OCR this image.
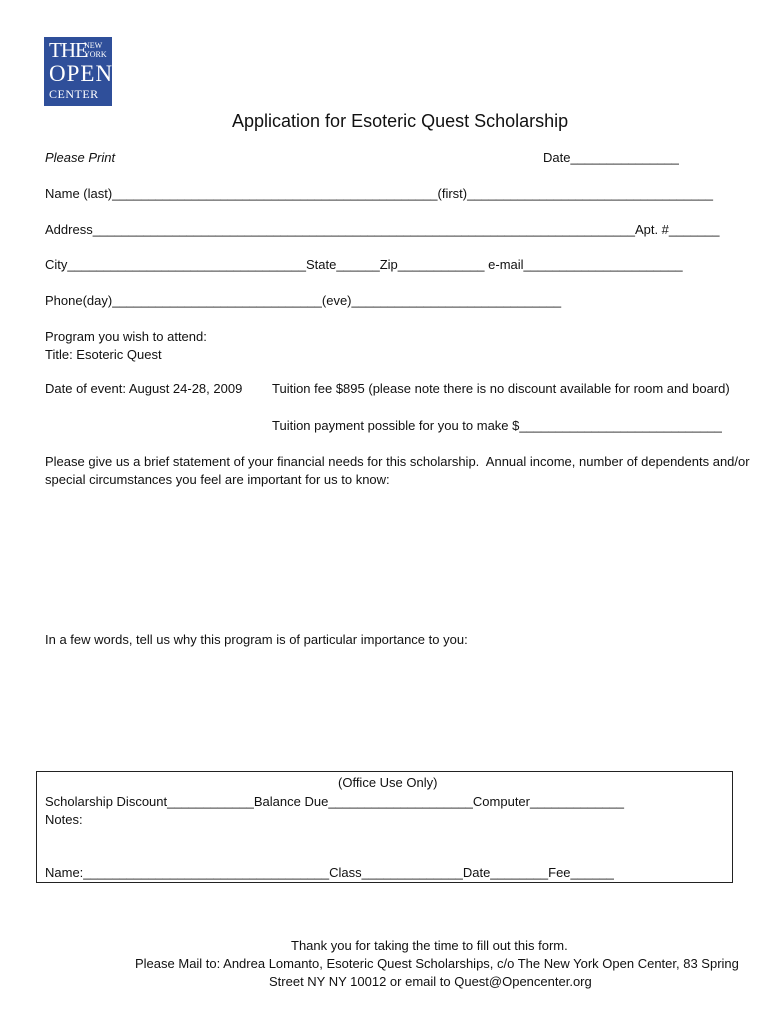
THE
NEW
YORK
OPEN
CENTER
Application for Esoteric Quest Scholarship
Please Print	Date_______________
Name (last)_____________________________________________(first)__________________________________
Address___________________________________________________________________________Apt. #_______
City_________________________________State______Zip____________ e-mail______________________
Phone(day)_____________________________(eve)_____________________________
Program you wish to attend:
Title: Esoteric Quest
Date of event: August 24-28, 2009 Tuition fee $895 (please note there is no discount available for room and board)
Tuition payment possible for you to make $____________________________
Please give us a brief statement of your financial needs for this scholarship.  Annual income, number of dependents and/or
special circumstances you feel are important for us to know:
In a few words, tell us why this program is of particular importance to you:
(Office Use Only)
Scholarship Discount____________Balance Due____________________Computer_____________
Notes:
Name:__________________________________Class______________Date________Fee______
Thank you for taking the time to fill out this form.
Please Mail to: Andrea Lomanto, Esoteric Quest Scholarships, c/o The New York Open Center, 83 Spring
Street NY NY 10012 or email to Quest@Opencenter.org
